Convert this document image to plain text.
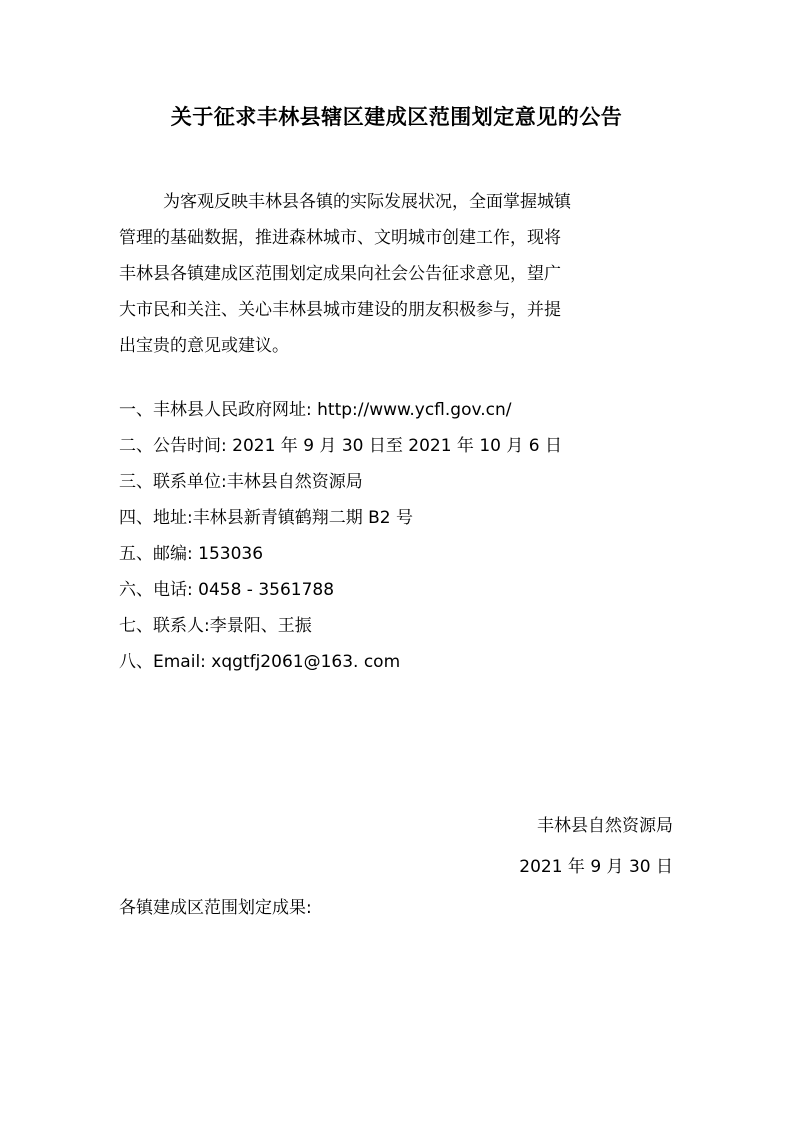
关于征求丰林县辖区建成区范围划定意见的公告
为客观反映丰林县各镇的实际发展状况，全面掌握城镇
管理的基础数据，推进森林城市、文明城市创建工作，现将
丰林县各镇建成区范围划定成果向社会公告征求意见，望广
大市民和关注、关心丰林县城市建设的朋友积极参与，并提
出宝贵的意见或建议。
一、丰林县人民政府网址: http://www.ycfl.gov.cn/
二、公告时间: 2021 年 9 月 30 日至 2021 年 10 月 6 日
三、联系单位:丰林县自然资源局
四、地址:丰林县新青镇鹤翔二期 B2 号
五、邮编: 153036
六、电话: 0458 - 3561788
七、联系人:李景阳、王振
八、Email: xqgtfj2061@163. com
丰林县自然资源局
2021 年 9 月 30 日
各镇建成区范围划定成果:
